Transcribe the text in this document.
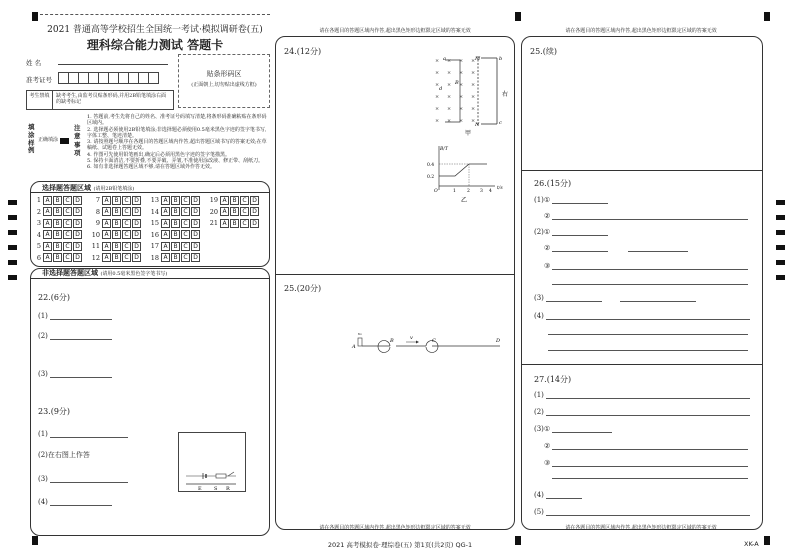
2021 普通高等学校招生全国统一考试·模拟调研卷(五)
理科综合能力测试 答题卡
姓 名
准考证号
贴条形码区
(正面朝上,切勿贴出虚线方框)
考生禁填	缺考考生,由监考员贴条形码,并用2B铅笔填涂右面的缺考标记
填涂样例
正确填涂
注意事项
1. 答题前,考生先将自己的姓名、准考证号码填写清楚,将条形码准确粘贴在条形码区域内。
2. 选择题必须使用2B铅笔填涂;非选择题必须使用0.5毫米黑色字迹的签字笔书写,字体工整、笔迹清楚。
3. 请按照题号顺序在各题目的答题区域内作答,超出答题区域书写的答案无效;在草稿纸、试题卷上答题无效。
4. 作图可先使用铅笔画出,确定后必须用黑色字迹的签字笔描黑。
5. 保持卡面清洁,不要折叠,不要弄破、弄皱,不准使用涂改液、修正带、刮纸刀。
6. 如有非选择题答题区域不够,请在答题区域外作答无效。
选择题答题区域 (请用2B铅笔填涂)
1 A B C D
2 A B C D
3 A B C D
4 A B C D
5 A B C D
6 A B C D
7 A B C D
8 A B C D
9 A B C D
10 A B C D
11 A B C D
12 A B C D
13 A B C D
14 A B C D
15 A B C D
16 A B C D
17 A B C D
18 A B C D
19 A B C D
20 A B C D
21 A B C D
非选择题答题区域 (请用0.5毫米黑色签字笔书写)
22.(6分)
(1)
(2)
(3)
23.(9分)
(1)
(2)在右图上作答
(3)
(4)
E S R
请在各题目的答题区域内作答,超出黑色矩形边框限定区域的答案无效
请在各题目的答题区域内作答,超出黑色矩形边框限定区域的答案无效
24.(12分)
× × × ×
× × × ×
× × × ×
× × × ×
× × × ×
× × × ×
a	b
c
d
M
N
B
右
甲
B/T
0.4
0.2
O	1 2 3 4
t/s
乙
25.(20分)
A
v₀
B	v	C	D
请在各题目的答题区域内作答,超出黑色矩形边框限定区域的答案无效
请在各题目的答题区域内作答,超出黑色矩形边框限定区域的答案无效
25.(续)
26.(15分)
(1)①
②
(2)①
②
③
(3)
(4)
27.(14分)
(1)
(2)
(3)①
②
③
(4)
(5)
2021 高考模拟卷·理综卷(五) 第1页(共2页) QG-1	XK-A
